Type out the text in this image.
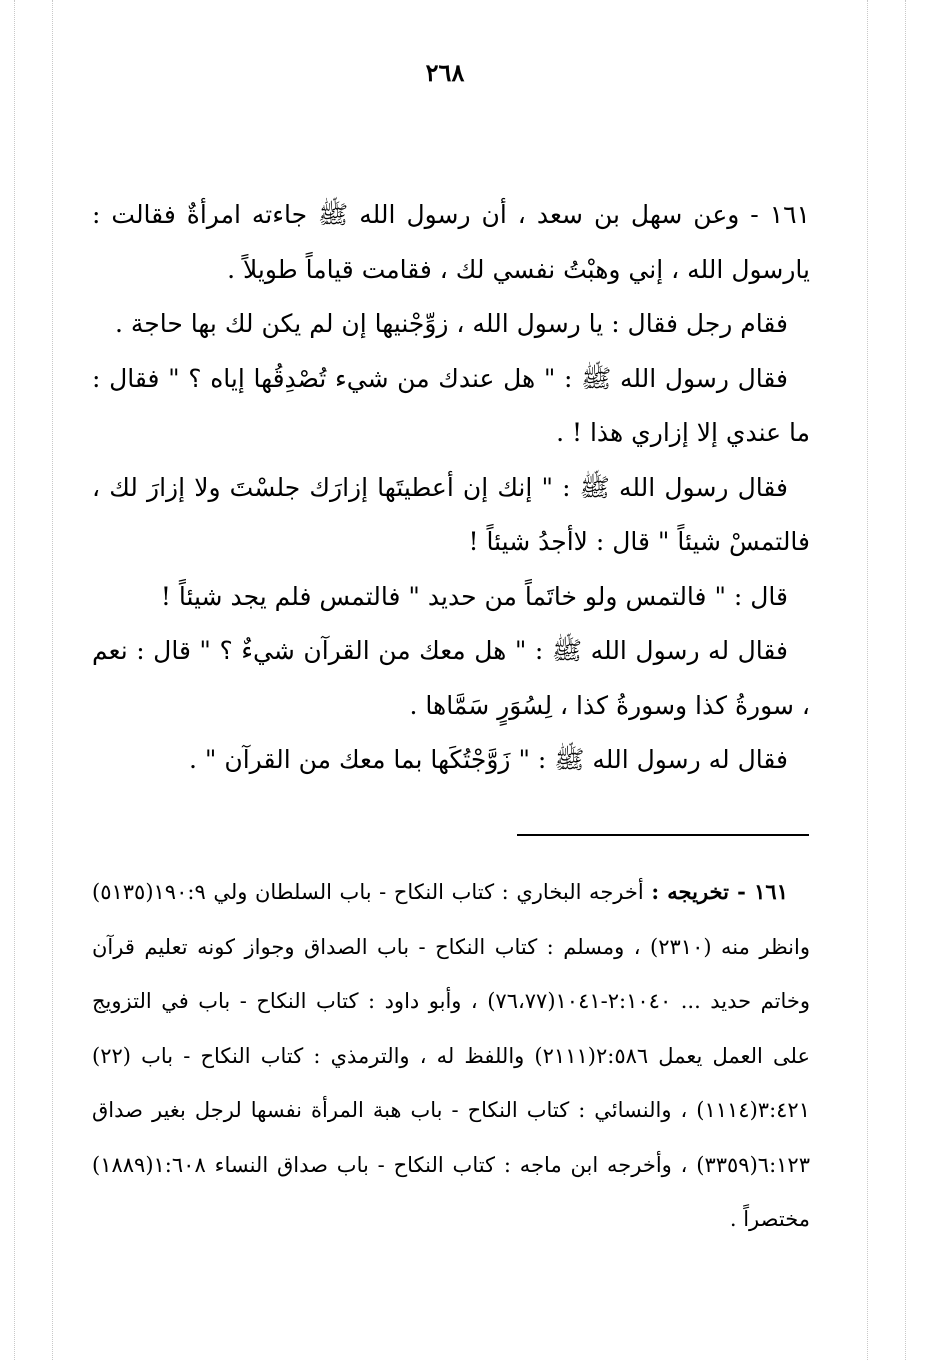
٢٦٨

١٦١ - وعن سهل بن سعد ، أن رسول الله ﷺ جاءته امرأةٌ فقالت : يارسول الله ، إني وهبْتُ نفسي لك ، فقامت قياماً طويلاً .

فقام رجل فقال : يا رسول الله ، زوِّجْنيها إن لم يكن لك بها حاجة .

فقال رسول الله ﷺ : " هل عندك من شيء تُصْدِقُها إياه ؟ " فقال : ما عندي إلا إزاري هذا ! .

فقال رسول الله ﷺ : " إنك إن أعطيتَها إزارَك جلسْتَ ولا إزارَ لك ، فالتمسْ شيئاً " قال : لاأجدُ شيئاً !

قال : " فالتمس ولو خاتَماً من حديد " فالتمس فلم يجد شيئاً !

فقال له رسول الله ﷺ : " هل معك من القرآن شيءٌ ؟ " قال : نعم ، سورةُ كذا وسورةُ كذا ، لِسُوَرٍ سَمَّاها .

فقال له رسول الله ﷺ : " زَوَّجْتُكَها بما معك من القرآن " .

١٦١ - تخريجه : أخرجه البخاري : كتاب النكاح - باب السلطان ولي ١٩٠:٩(٥١٣٥) وانظر منه (٢٣١٠) ، ومسلم : كتاب النكاح - باب الصداق وجواز كونه تعليم قرآن وخاتم حديد ... ٢:١٠٤٠-١٠٤١(٧٦،٧٧) ، وأبو داود : كتاب النكاح - باب في التزويج على العمل يعمل ٢:٥٨٦(٢١١١) واللفظ له ، والترمذي : كتاب النكاح - باب (٢٢) ٣:٤٢١(١١١٤) ، والنسائي : كتاب النكاح - باب هبة المرأة نفسها لرجل بغير صداق ٦:١٢٣(٣٣٥٩) ، وأخرجه ابن ماجه : كتاب النكاح - باب صداق النساء ١:٦٠٨(١٨٨٩) مختصراً .
